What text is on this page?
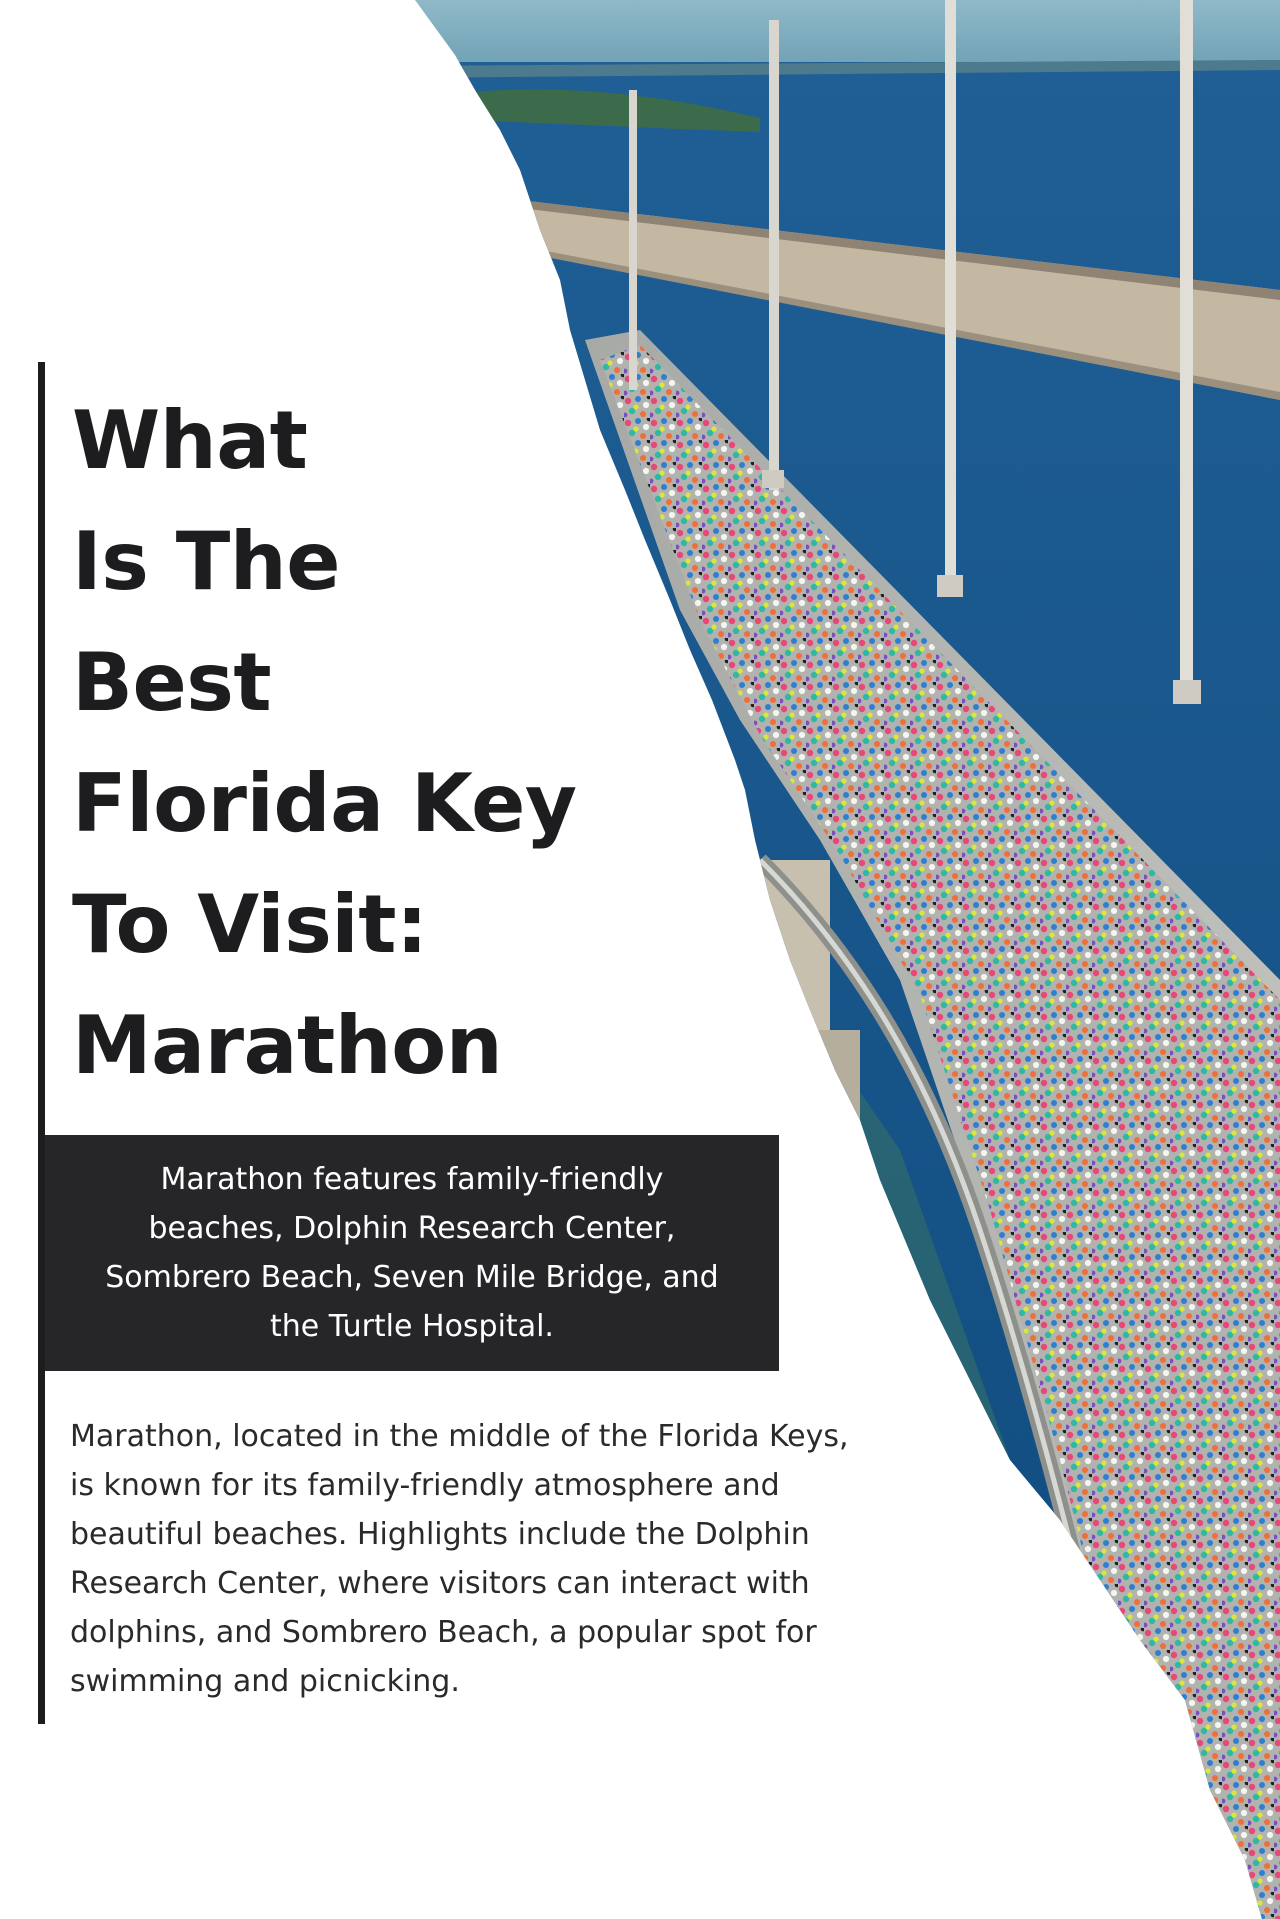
What
Is The
Best
Florida Key
To Visit:
Marathon

Marathon features family-friendly
beaches, Dolphin Research Center,
Sombrero Beach, Seven Mile Bridge, and
the Turtle Hospital.

Marathon, located in the middle of the Florida Keys,
is known for its family-friendly atmosphere and
beautiful beaches. Highlights include the Dolphin
Research Center, where visitors can interact with
dolphins, and Sombrero Beach, a popular spot for
swimming and picnicking.
